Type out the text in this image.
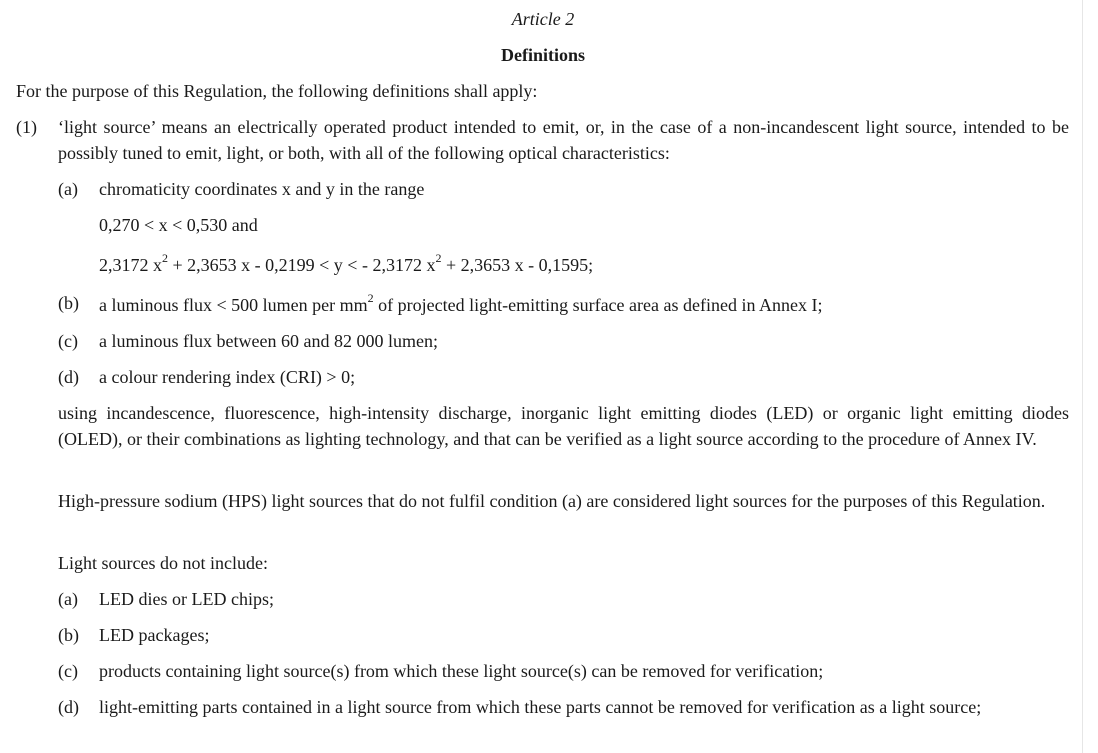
Article 2
Definitions

For the purpose of this Regulation, the following definitions shall apply:

(1) ‘light source’ means an electrically operated product intended to emit, or, in the case of a non-incandescent light source, intended to be possibly tuned to emit, light, or both, with all of the following optical characteristics:

(a) chromaticity coordinates x and y in the range

0,270 < x < 0,530 and

2,3172 $x^2 + 2,3653$ x - 0,2199 < y < - 2,3172 $x^2 + 2,3653$ x - 0,1595;

(b) a luminous flux < 500 lumen per $mm^2$ of projected light-emitting surface area as defined in Annex I;

(c) a luminous flux between 60 and 82 000 lumen;

(d) a colour rendering index (CRI) > 0;

using incandescence, fluorescence, high-intensity discharge, inorganic light emitting diodes (LED) or organic light emitting diodes (OLED), or their combinations as lighting technology, and that can be verified as a light source according to the procedure of Annex IV.

High-pressure sodium (HPS) light sources that do not fulfil condition (a) are considered light sources for the purposes of this Regulation.

Light sources do not include:

(a) LED dies or LED chips;

(b) LED packages;

(c) products containing light source(s) from which these light source(s) can be removed for verification;

(d) light-emitting parts contained in a light source from which these parts cannot be removed for verification as a light source;
